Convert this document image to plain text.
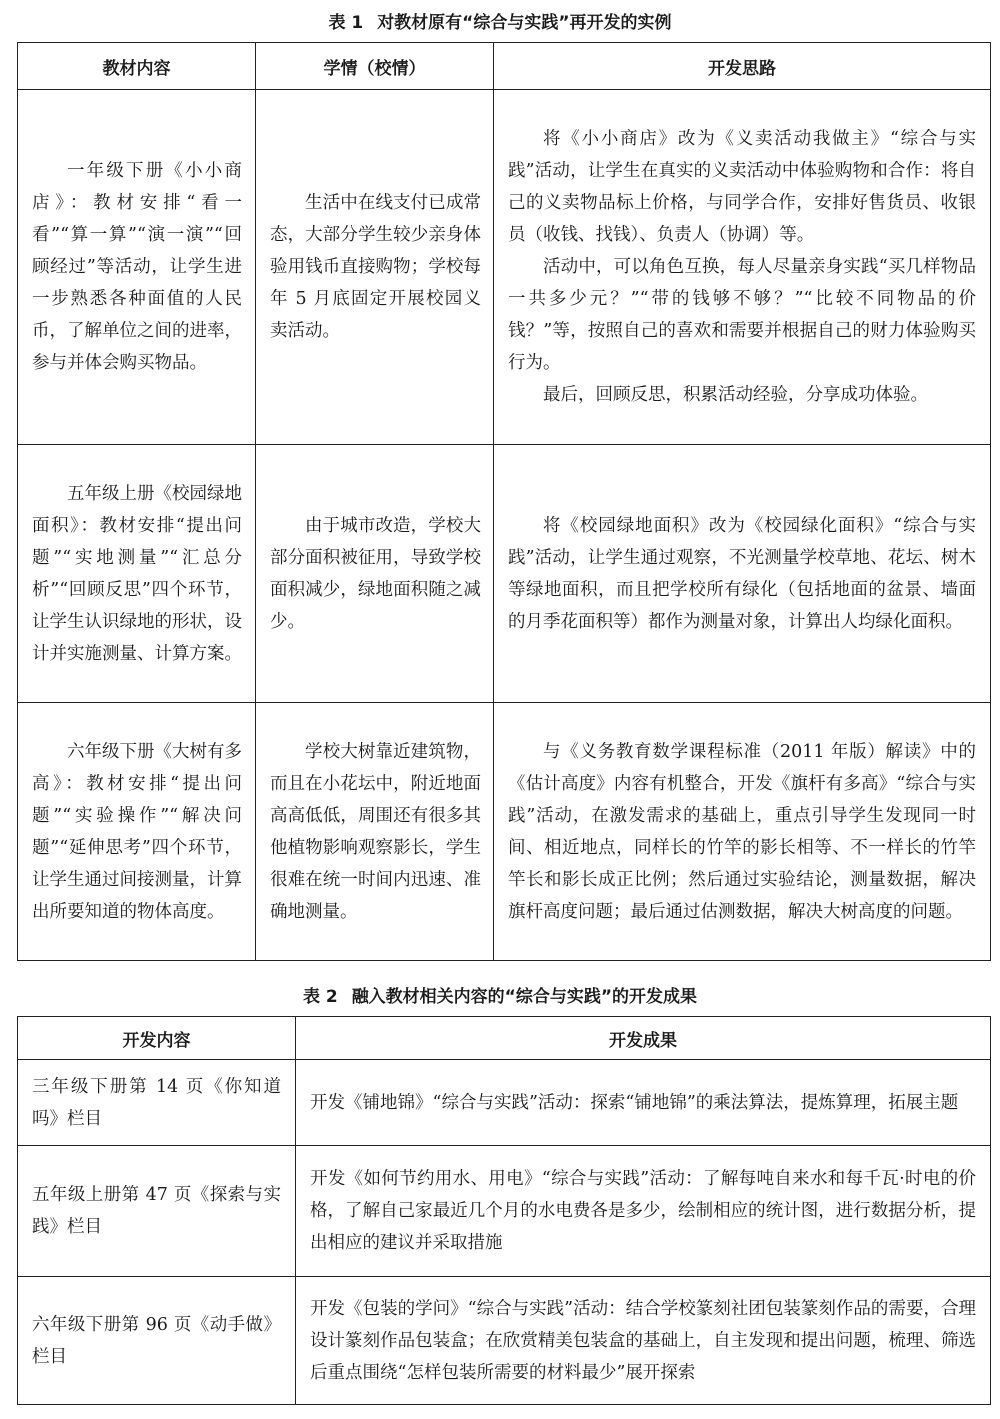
表 1 对教材原有“综合与实践”再开发的实例
教材内容	学情（校情）	开发思路

一年级下册《小小商店》：教材安排“看一看”“算一算”“演一演”“回顾经过”等活动，让学生进一步熟悉各种面值的人民币，了解单位之间的进率，参与并体会购买物品。	生活中在线支付已成常态，大部分学生较少亲身体验用钱币直接购物；学校每年 5 月底固定开展校园义卖活动。	将《小小商店》改为《义卖活动我做主》“综合与实践”活动，让学生在真实的义卖活动中体验购物和合作：将自己的义卖物品标上价格，与同学合作，安排好售货员、收银员（收钱、找钱）、负责人（协调）等。

活动中，可以角色互换，每人尽量亲身实践“买几样物品一共多少元？”“带的钱够不够？”“比较不同物品的价钱？”等，按照自己的喜欢和需要并根据自己的财力体验购买行为。

最后，回顾反思，积累活动经验，分享成功体验。

五年级上册《校园绿地面积》：教材安排“提出问题”“实地测量”“汇总分析”“回顾反思”四个环节，让学生认识绿地的形状，设计并实施测量、计算方案。	由于城市改造，学校大部分面积被征用，导致学校面积减少，绿地面积随之减少。	将《校园绿地面积》改为《校园绿化面积》“综合与实践”活动，让学生通过观察，不光测量学校草地、花坛、树木等绿地面积，而且把学校所有绿化（包括地面的盆景、墙面的月季花面积等）都作为测量对象，计算出人均绿化面积。

六年级下册《大树有多高》：教材安排“提出问题”“实验操作”“解决问题”“延伸思考”四个环节，让学生通过间接测量，计算出所要知道的物体高度。	学校大树靠近建筑物，而且在小花坛中，附近地面高高低低，周围还有很多其他植物影响观察影长，学生很难在统一时间内迅速、准确地测量。	与《义务教育数学课程标准（2011 年版）解读》中的《估计高度》内容有机整合，开发《旗杆有多高》“综合与实践”活动，在激发需求的基础上，重点引导学生发现同一时间、相近地点，同样长的竹竿的影长相等、不一样长的竹竿竿长和影长成正比例；然后通过实验结论，测量数据，解决旗杆高度问题；最后通过估测数据，解决大树高度的问题。

表 2 融入教材相关内容的“综合与实践”的开发成果
开发内容	开发成果
三年级下册第 14 页《你知道吗》栏目	开发《铺地锦》“综合与实践”活动：探索“铺地锦”的乘法算法，提炼算理，拓展主题
五年级上册第 47 页《探索与实践》栏目	开发《如何节约用水、用电》“综合与实践”活动：了解每吨自来水和每千瓦·时电的价格，了解自己家最近几个月的水电费各是多少，绘制相应的统计图，进行数据分析，提出相应的建议并采取措施
六年级下册第 96 页《动手做》栏目	开发《包装的学问》“综合与实践”活动：结合学校篆刻社团包装篆刻作品的需要，合理设计篆刻作品包装盒；在欣赏精美包装盒的基础上，自主发现和提出问题，梳理、筛选后重点围绕“怎样包装所需要的材料最少”展开探索
